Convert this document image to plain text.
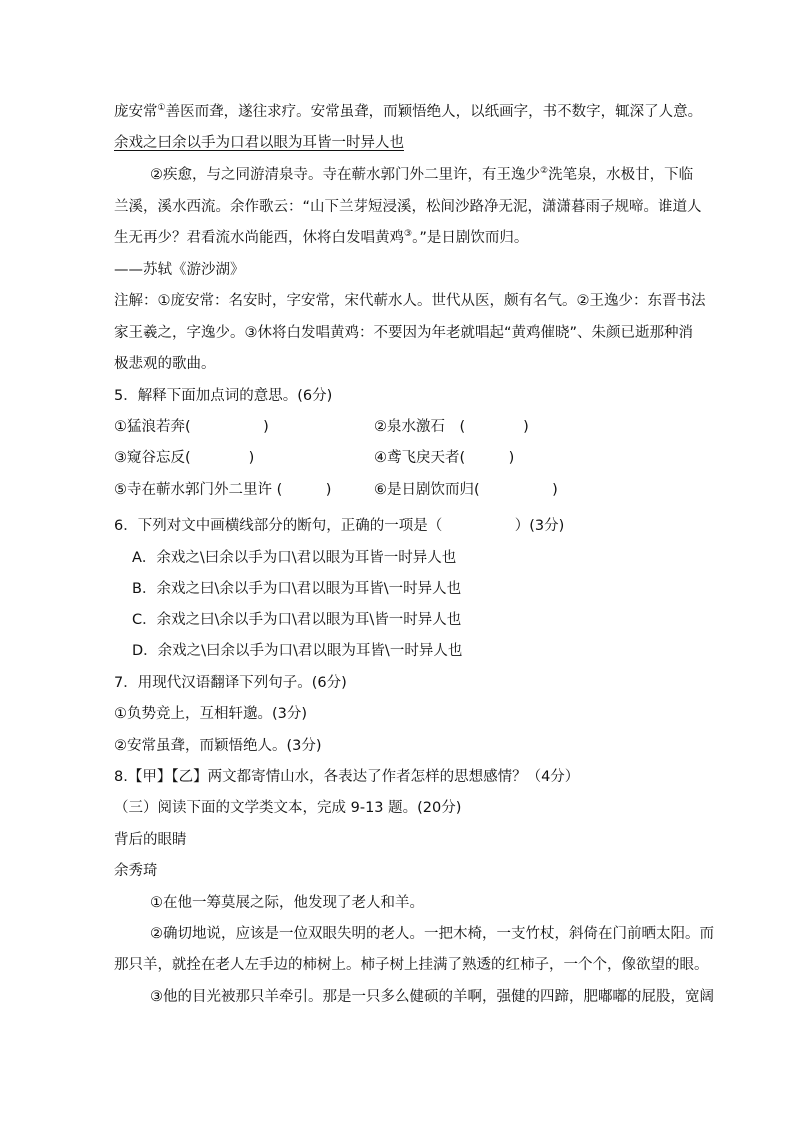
庞安常①善医而聋，遂往求疗。安常虽聋，而颖悟绝人，以纸画字，书不数字，辄深了人意。
余戏之曰余以手为口君以眼为耳皆一时异人也
②疾愈，与之同游清泉寺。寺在蕲水郭门外二里许，有王逸少②洗笔泉，水极甘，下临
兰溪，溪水西流。余作歌云：“山下兰芽短浸溪，松间沙路净无泥，潇潇暮雨子规啼。谁道人
生无再少？君看流水尚能西，休将白发唱黄鸡③。”是日剧饮而归。
——苏轼《游沙湖》
注解：①庞安常：名安时，字安常，宋代蕲水人。世代从医，颇有名气。②王逸少：东晋书法
家王羲之，字逸少。③休将白发唱黄鸡：不要因为年老就唱起“黄鸡催晓”、朱颜已逝那种消
极悲观的歌曲。
5．解释下面加点词的意思。(6分)
①猛浪若奔(　　　　　)	②泉水激石　(　　　　)
③窥谷忘反(　　　　)	④鸢飞戾天者(　　　)
⑤寺在蕲水郭门外二里许 (　　　)	⑥是日剧饮而归(　　　　　)
6．下列对文中画横线部分的断句，正确的一项是（　　　　　）(3分)
A．余戏之\曰余以手为口\君以眼为耳皆一时异人也
B．余戏之曰\余以手为口\君以眼为耳皆\一时异人也
C．余戏之曰\余以手为口\君以眼为耳\皆一时异人也
D．余戏之\曰余以手为口\君以眼为耳皆\一时异人也
7．用现代汉语翻译下列句子。(6分)
①负势竞上，互相轩邈。(3分)
②安常虽聋，而颖悟绝人。(3分)
8.【甲】【乙】两文都寄情山水，各表达了作者怎样的思想感情？（4分）
（三）阅读下面的文学类文本，完成 9-13 题。(20分)
背后的眼睛
余秀琦
①在他一筹莫展之际，他发现了老人和羊。
②确切地说，应该是一位双眼失明的老人。一把木椅，一支竹杖，斜倚在门前晒太阳。而
那只羊，就拴在老人左手边的柿树上。柿子树上挂满了熟透的红柿子，一个个，像欲望的眼。
③他的目光被那只羊牵引。那是一只多么健硕的羊啊，强健的四蹄，肥嘟嘟的屁股，宽阔
